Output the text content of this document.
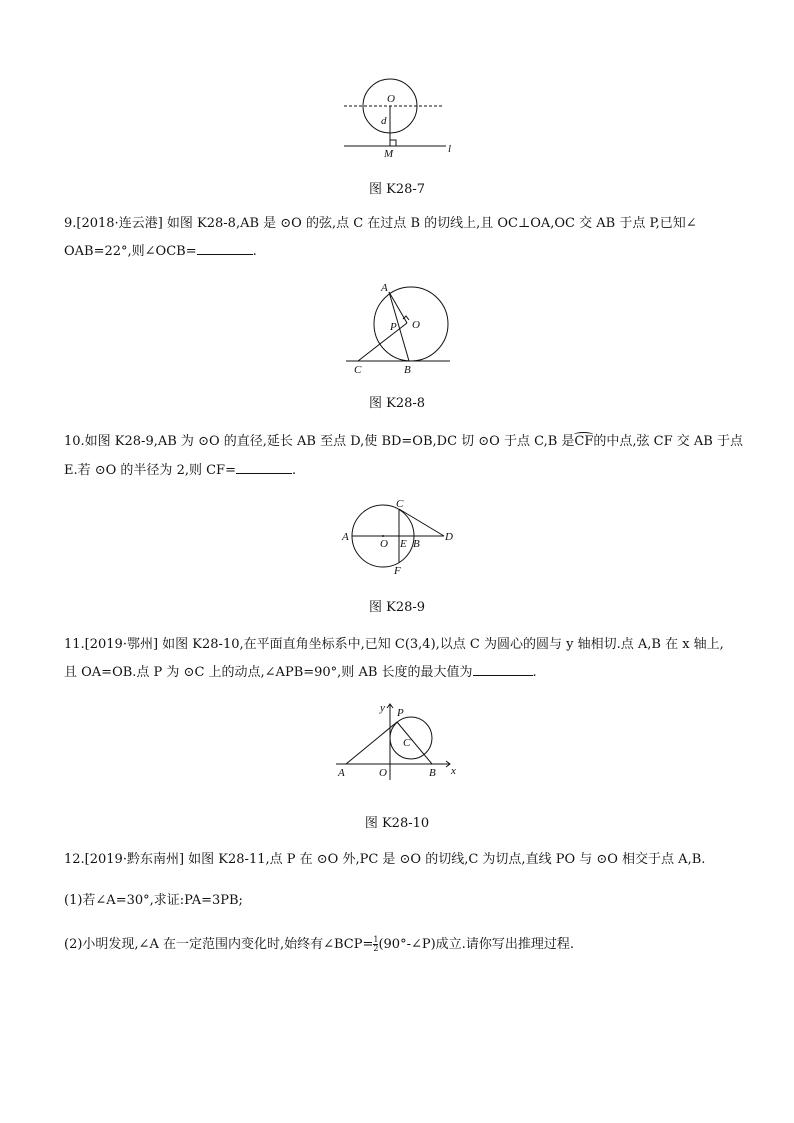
O
d
M	l
图 K28-7
9.[2018·连云港] 如图 K28-8,AB 是 ⊙O 的弦,点 C 在过点 B 的切线上,且 OC⊥OA,OC 交 AB 于点 P,已知∠
OAB=22°,则∠OCB=	.
A
P O
C	B
图 K28-8
10.如图 K28-9,AB 为 ⊙O 的直径,延长 AB 至点 D,使 BD=OB,DC 切 ⊙O 于点 C,B 是
CF的中点,弦 CF 交 AB 于点
E.若 ⊙O 的半径为 2,则 CF=	.
A
O E B
D
C
F
图 K28-9
11.[2019·鄂州] 如图 K28-10,在平面直角坐标系中,已知 C(3,4),以点 C 为圆心的圆与 y 轴相切.点 A,B 在 x 轴上,
且 OA=OB.点 P 为 ⊙C 上的动点,∠APB=90°,则 AB 长度的最大值为	.
y P
C
A	O	B x
图 K28-10
12.[2019·黔东南州] 如图 K28-11,点 P 在 ⊙O 外,PC 是 ⊙O 的切线,C 为切点,直线 PO 与 ⊙O 相交于点 A,B.
(1)若∠A=30°,求证:PA=3PB;
(2)小明发现,∠A 在一定范围内变化时,始终有∠BCP= $\frac{1}{2}$ (90°-∠P)成立.请你写出推理过程.
